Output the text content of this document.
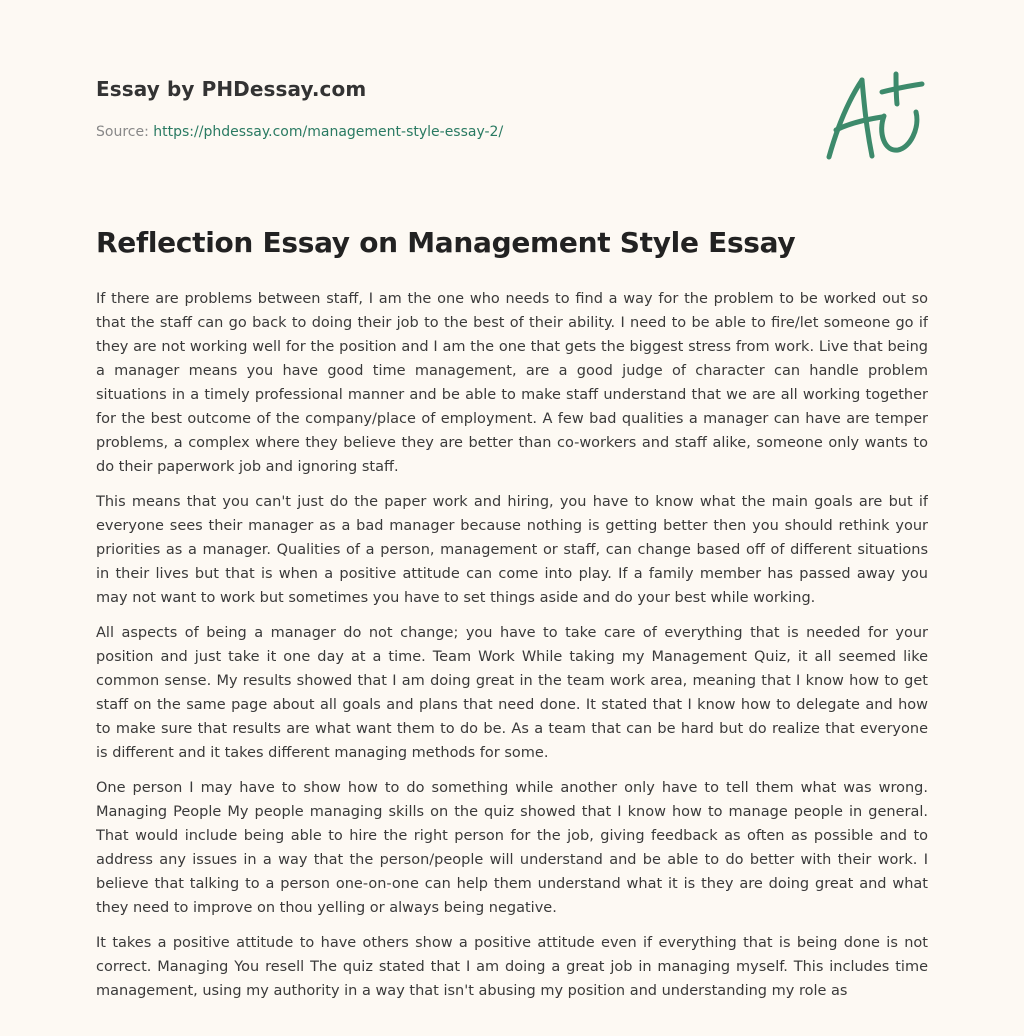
Essay by PHDessay.com

Source: https://phdessay.com/management-style-essay-2/

Reflection Essay on Management Style Essay

If there are problems between staff, I am the one who needs to find a way for the problem to be worked out so that the staff can go back to doing their job to the best of their ability. I need to be able to fire/let someone go if they are not working well for the position and I am the one that gets the biggest stress from work. Live that being a manager means you have good time management, are a good judge of character can handle problem situations in a timely professional manner and be able to make staff understand that we are all working together for the best outcome of the company/place of employment. A few bad qualities a manager can have are temper problems, a complex where they believe they are better than co-workers and staff alike, someone only wants to do their paperwork job and ignoring staff.

This means that you can't just do the paper work and hiring, you have to know what the main goals are but if everyone sees their manager as a bad manager because nothing is getting better then you should rethink your priorities as a manager. Qualities of a person, management or staff, can change based off of different situations in their lives but that is when a positive attitude can come into play. If a family member has passed away you may not want to work but sometimes you have to set things aside and do your best while working.

All aspects of being a manager do not change; you have to take care of everything that is needed for your position and just take it one day at a time. Team Work While taking my Management Quiz, it all seemed like common sense. My results showed that I am doing great in the team work area, meaning that I know how to get staff on the same page about all goals and plans that need done. It stated that I know how to delegate and how to make sure that results are what want them to do be. As a team that can be hard but do realize that everyone is different and it takes different managing methods for some.

One person I may have to show how to do something while another only have to tell them what was wrong. Managing People My people managing skills on the quiz showed that I know how to manage people in general. That would include being able to hire the right person for the job, giving feedback as often as possible and to address any issues in a way that the person/people will understand and be able to do better with their work. I believe that talking to a person one-on-one can help them understand what it is they are doing great and what they need to improve on thou yelling or always being negative.

It takes a positive attitude to have others show a positive attitude even if everything that is being done is not correct. Managing You resell The quiz stated that I am doing a great job in managing myself. This includes time management, using my authority in a way that isn't abusing my position and understanding my role as
